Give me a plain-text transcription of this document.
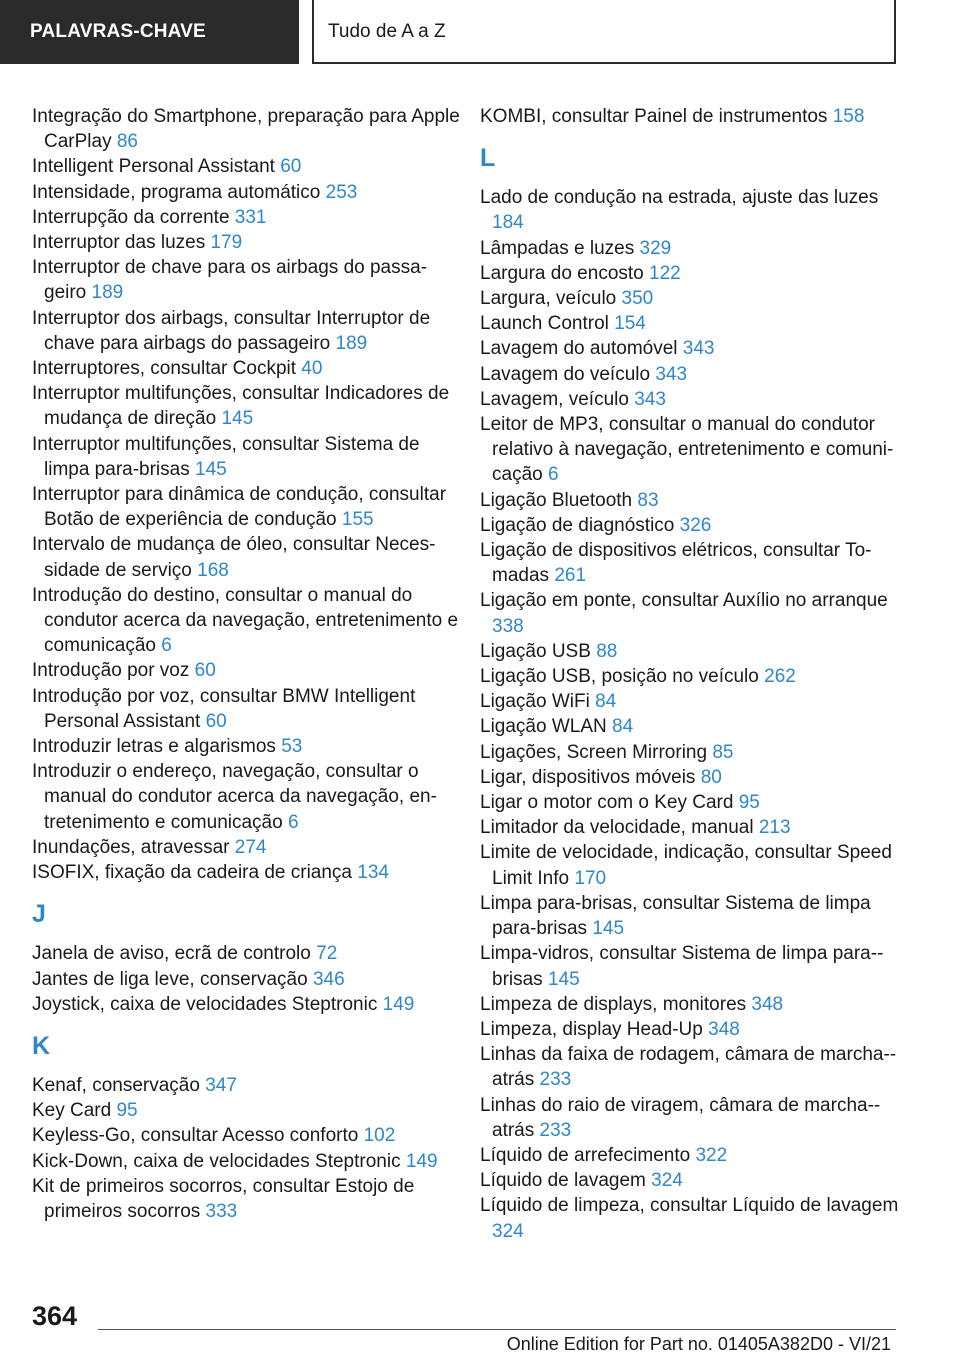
PALAVRAS-CHAVE	Tudo de A a Z
Integração do Smartphone, preparação para Apple CarPlay 86
Intelligent Personal Assistant 60
Intensidade, programa automático 253
Interrupção da corrente 331
Interruptor das luzes 179
Interruptor de chave para os airbags do passageiro 189
Interruptor dos airbags, consultar Interruptor de chave para airbags do passageiro 189
Interruptores, consultar Cockpit 40
Interruptor multifunções, consultar Indicadores de mudança de direção 145
Interruptor multifunções, consultar Sistema de limpa para-brisas 145
Interruptor para dinâmica de condução, consultar Botão de experiência de condução 155
Intervalo de mudança de óleo, consultar Necessidade de serviço 168
Introdução do destino, consultar o manual do condutor acerca da navegação, entretenimento e comunicação 6
Introdução por voz 60
Introdução por voz, consultar BMW Intelligent Personal Assistant 60
Introduzir letras e algarismos 53
Introduzir o endereço, navegação, consultar o manual do condutor acerca da navegação, entretenimento e comunicação 6
Inundações, atravessar 274
ISOFIX, fixação da cadeira de criança 134
J
Janela de aviso, ecrã de controlo 72
Jantes de liga leve, conservação 346
Joystick, caixa de velocidades Steptronic 149
K
Kenaf, conservação 347
Key Card 95
Keyless-Go, consultar Acesso conforto 102
Kick-Down, caixa de velocidades Steptronic 149
Kit de primeiros socorros, consultar Estojo de primeiros socorros 333
KOMBI, consultar Painel de instrumentos 158
L
Lado de condução na estrada, ajuste das luzes 184
Lâmpadas e luzes 329
Largura do encosto 122
Largura, veículo 350
Launch Control 154
Lavagem do automóvel 343
Lavagem do veículo 343
Lavagem, veículo 343
Leitor de MP3, consultar o manual do condutor relativo à navegação, entretenimento e comunicação 6
Ligação Bluetooth 83
Ligação de diagnóstico 326
Ligação de dispositivos elétricos, consultar Tomadas 261
Ligação em ponte, consultar Auxílio no arranque 338
Ligação USB 88
Ligação USB, posição no veículo 262
Ligação WiFi 84
Ligação WLAN 84
Ligações, Screen Mirroring 85
Ligar, dispositivos móveis 80
Ligar o motor com o Key Card 95
Limitador da velocidade, manual 213
Limite de velocidade, indicação, consultar Speed Limit Info 170
Limpa para-brisas, consultar Sistema de limpa para-brisas 145
Limpa-vidros, consultar Sistema de limpa para-brisas 145
Limpeza de displays, monitores 348
Limpeza, display Head-Up 348
Linhas da faixa de rodagem, câmara de marcha-atrás 233
Linhas do raio de viragem, câmara de marcha-atrás 233
Líquido de arrefecimento 322
Líquido de lavagem 324
Líquido de limpeza, consultar Líquido de lavagem 324
364
Online Edition for Part no. 01405A382D0 - VI/21
